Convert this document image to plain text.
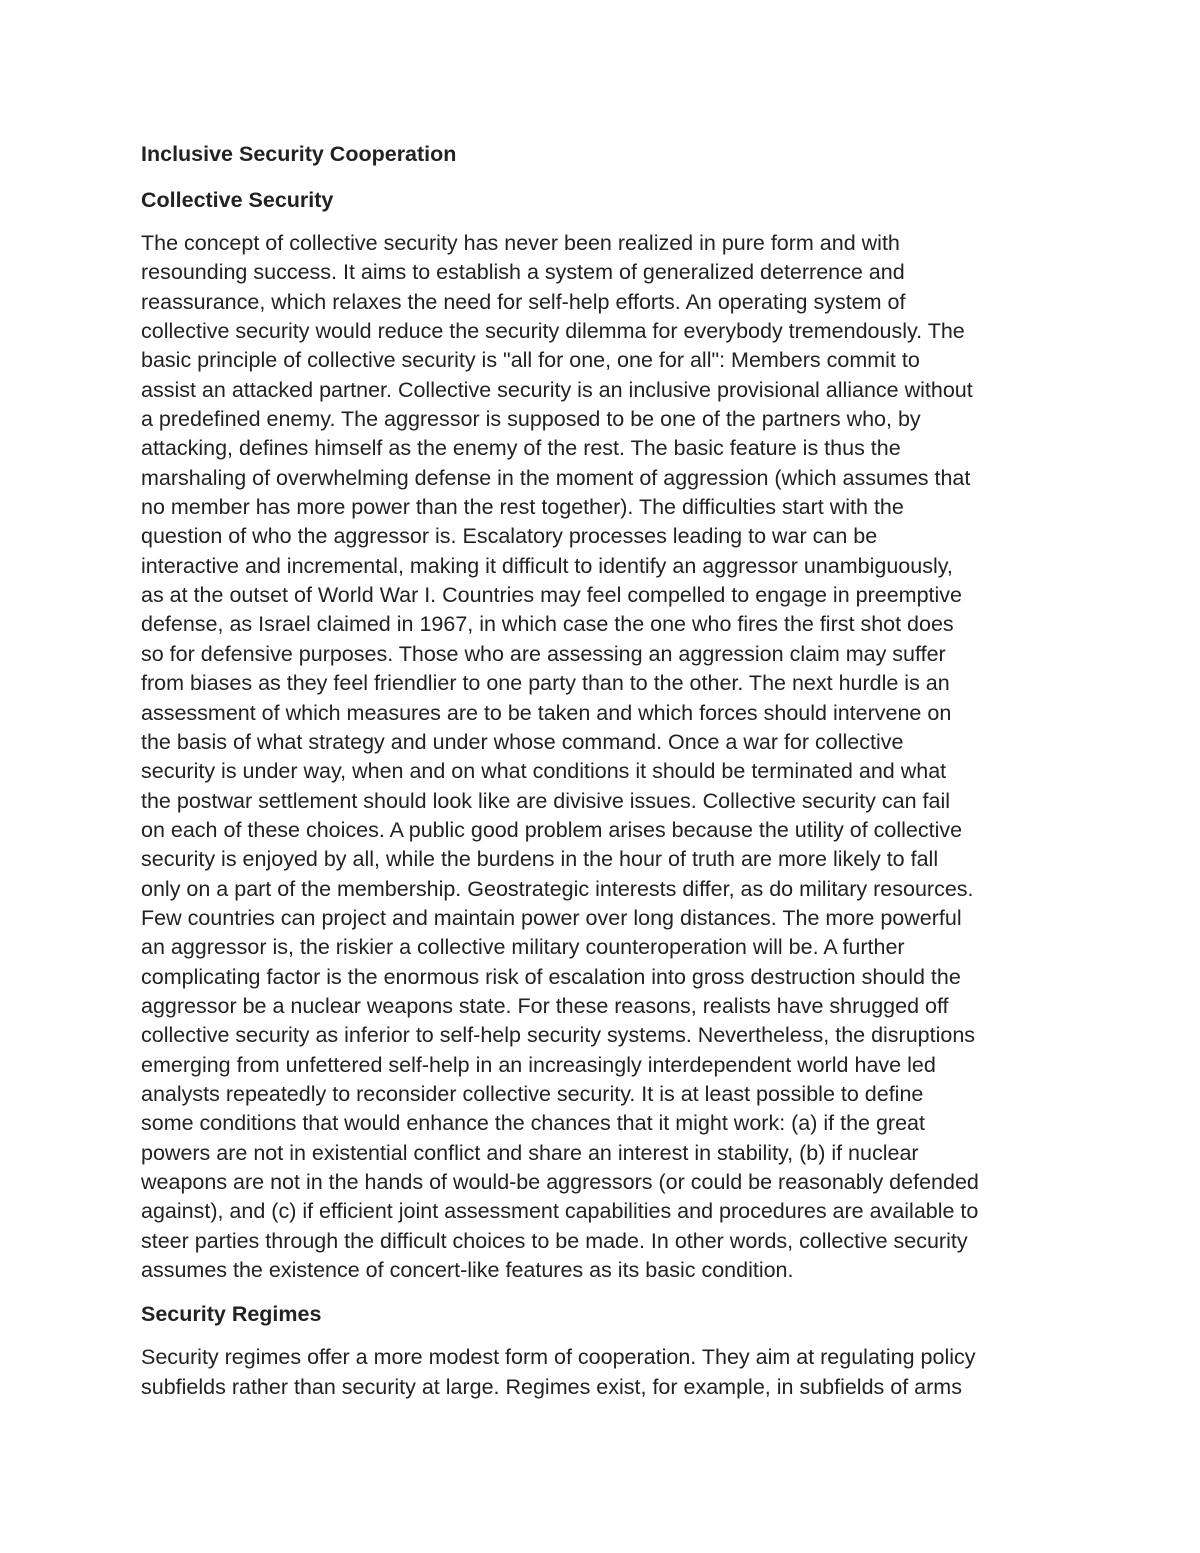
Inclusive Security Cooperation
Collective Security
The concept of collective security has never been realized in pure form and with
resounding success. It aims to establish a system of generalized deterrence and
reassurance, which relaxes the need for self-help efforts. An operating system of
collective security would reduce the security dilemma for everybody tremendously. The
basic principle of collective security is "all for one, one for all": Members commit to
assist an attacked partner. Collective security is an inclusive provisional alliance without
a predefined enemy. The aggressor is supposed to be one of the partners who, by
attacking, defines himself as the enemy of the rest. The basic feature is thus the
marshaling of overwhelming defense in the moment of aggression (which assumes that
no member has more power than the rest together). The difficulties start with the
question of who the aggressor is. Escalatory processes leading to war can be
interactive and incremental, making it difficult to identify an aggressor unambiguously,
as at the outset of World War I. Countries may feel compelled to engage in preemptive
defense, as Israel claimed in 1967, in which case the one who fires the first shot does
so for defensive purposes. Those who are assessing an aggression claim may suffer
from biases as they feel friendlier to one party than to the other. The next hurdle is an
assessment of which measures are to be taken and which forces should intervene on
the basis of what strategy and under whose command. Once a war for collective
security is under way, when and on what conditions it should be terminated and what
the postwar settlement should look like are divisive issues. Collective security can fail
on each of these choices. A public good problem arises because the utility of collective
security is enjoyed by all, while the burdens in the hour of truth are more likely to fall
only on a part of the membership. Geostrategic interests differ, as do military resources.
Few countries can project and maintain power over long distances. The more powerful
an aggressor is, the riskier a collective military counteroperation will be. A further
complicating factor is the enormous risk of escalation into gross destruction should the
aggressor be a nuclear weapons state. For these reasons, realists have shrugged off
collective security as inferior to self-help security systems. Nevertheless, the disruptions
emerging from unfettered self-help in an increasingly interdependent world have led
analysts repeatedly to reconsider collective security. It is at least possible to define
some conditions that would enhance the chances that it might work: (a) if the great
powers are not in existential conflict and share an interest in stability, (b) if nuclear
weapons are not in the hands of would-be aggressors (or could be reasonably defended
against), and (c) if efficient joint assessment capabilities and procedures are available to
steer parties through the difficult choices to be made. In other words, collective security
assumes the existence of concert-like features as its basic condition.
Security Regimes
Security regimes offer a more modest form of cooperation. They aim at regulating policy
subfields rather than security at large. Regimes exist, for example, in subfields of arms
